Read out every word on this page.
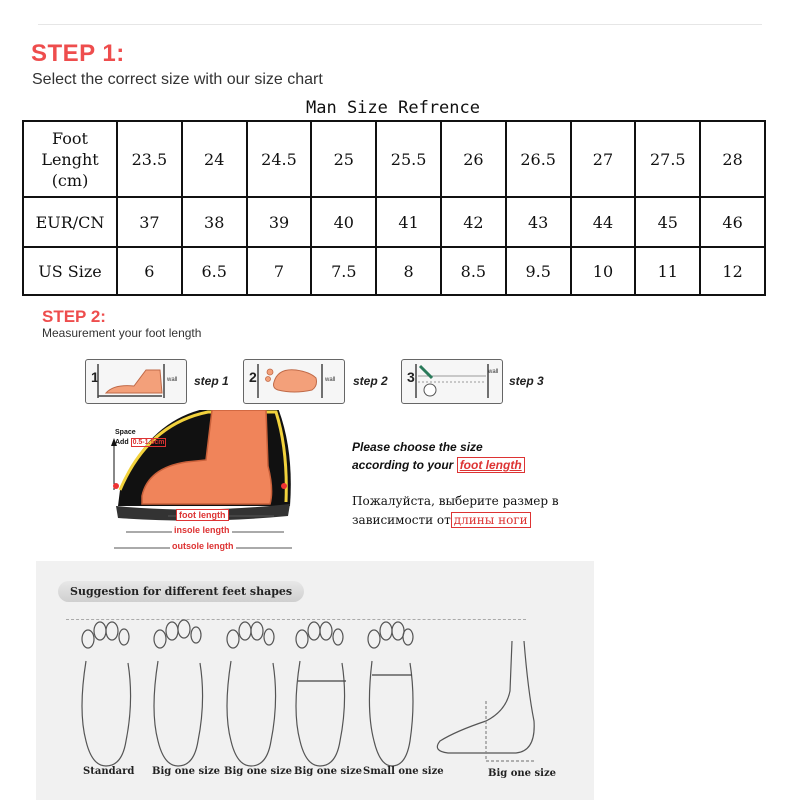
STEP 1:
Select the correct size with our size chart
Man Size Refrence
Foot
Lenght
(cm)	23.5	24	24.5	25	25.5	26	26.5	27	27.5	28
EUR/CN	37	38	39	40	41	42	43	44	45	46
US Size	6	6.5	7	7.5	8	8.5	9.5	10	11	12
STEP 2:
Measurement your foot length
1	wall step 1 2	wall step 2 3	wall
step 3
Space
Add 0.5-1.5cm
foot length
insole length
outsole length
Please choose the size
according to your foot length
Пожалуйста, выберите размер в
зависимости от длины ноги
Suggestion for different feet shapes
Standard Big one size Big one size Big one size Small one size	Big one size
